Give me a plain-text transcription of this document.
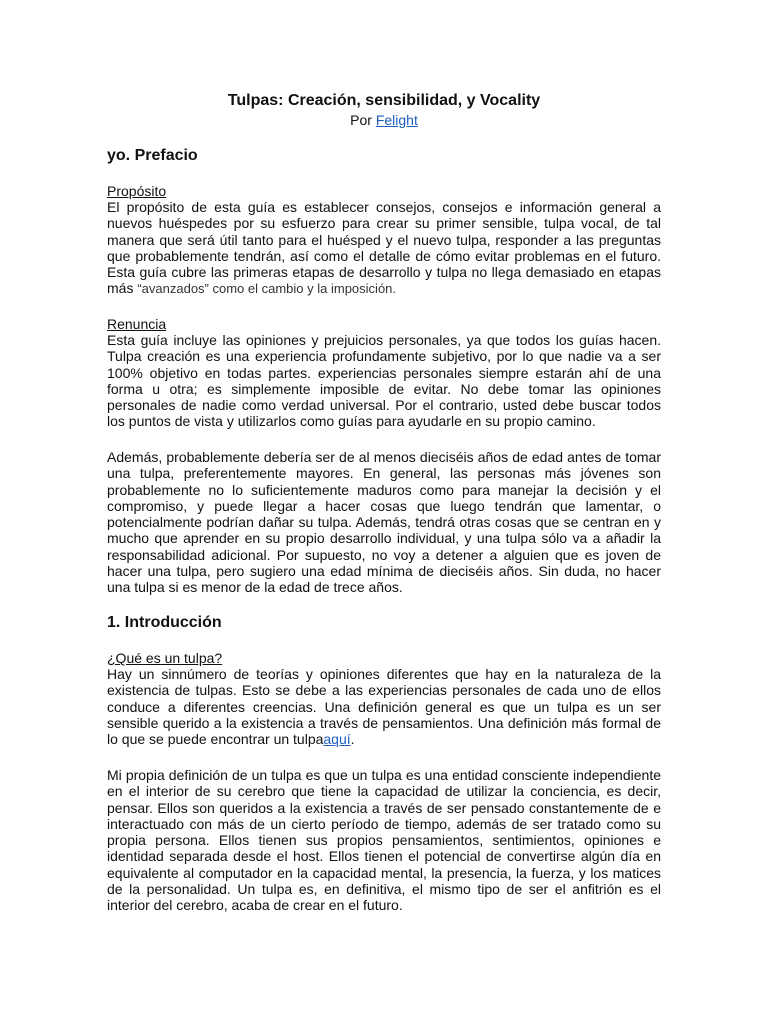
Tulpas: Creación, sensibilidad, y Vocality
Por Felight
yo. Prefacio
Propósito

El propósito de esta guía es establecer consejos, consejos e información general a nuevos huéspedes por su esfuerzo para crear su primer sensible, tulpa vocal, de tal manera que será útil tanto para el huésped y el nuevo tulpa, responder a las preguntas que probablemente tendrán, así como el detalle de cómo evitar problemas en el futuro. Esta guía cubre las primeras etapas de desarrollo y tulpa no llega demasiado en etapas más “avanzados” como el cambio y la imposición.

Renuncia

Esta guía incluye las opiniones y prejuicios personales, ya que todos los guías hacen. Tulpa creación es una experiencia profundamente subjetivo, por lo que nadie va a ser 100% objetivo en todas partes. experiencias personales siempre estarán ahí de una forma u otra; es simplemente imposible de evitar. No debe tomar las opiniones personales de nadie como verdad universal. Por el contrario, usted debe buscar todos los puntos de vista y utilizarlos como guías para ayudarle en su propio camino.

Además, probablemente debería ser de al menos dieciséis años de edad antes de tomar una tulpa, preferentemente mayores. En general, las personas más jóvenes son probablemente no lo suficientemente maduros como para manejar la decisión y el compromiso, y puede llegar a hacer cosas que luego tendrán que lamentar, o potencialmente podrían dañar su tulpa. Además, tendrá otras cosas que se centran en y mucho que aprender en su propio desarrollo individual, y una tulpa sólo va a añadir la responsabilidad adicional. Por supuesto, no voy a detener a alguien que es joven de hacer una tulpa, pero sugiero una edad mínima de dieciséis años. Sin duda, no hacer una tulpa si es menor de la edad de trece años.

1. Introducción
¿Qué es un tulpa?

Hay un sinnúmero de teorías y opiniones diferentes que hay en la naturaleza de la existencia de tulpas. Esto se debe a las experiencias personales de cada uno de ellos conduce a diferentes creencias. Una definición general es que un tulpa es un ser sensible querido a la existencia a través de pensamientos. Una definición más formal de lo que se puede encontrar un tulpaaquí.

Mi propia definición de un tulpa es que un tulpa es una entidad consciente independiente en el interior de su cerebro que tiene la capacidad de utilizar la conciencia, es decir, pensar. Ellos son queridos a la existencia a través de ser pensado constantemente de e interactuado con más de un cierto período de tiempo, además de ser tratado como su propia persona. Ellos tienen sus propios pensamientos, sentimientos, opiniones e identidad separada desde el host. Ellos tienen el potencial de convertirse algún día en equivalente al computador en la capacidad mental, la presencia, la fuerza, y los matices de la personalidad. Un tulpa es, en definitiva, el mismo tipo de ser el anfitrión es el interior del cerebro, acaba de crear en el futuro.
